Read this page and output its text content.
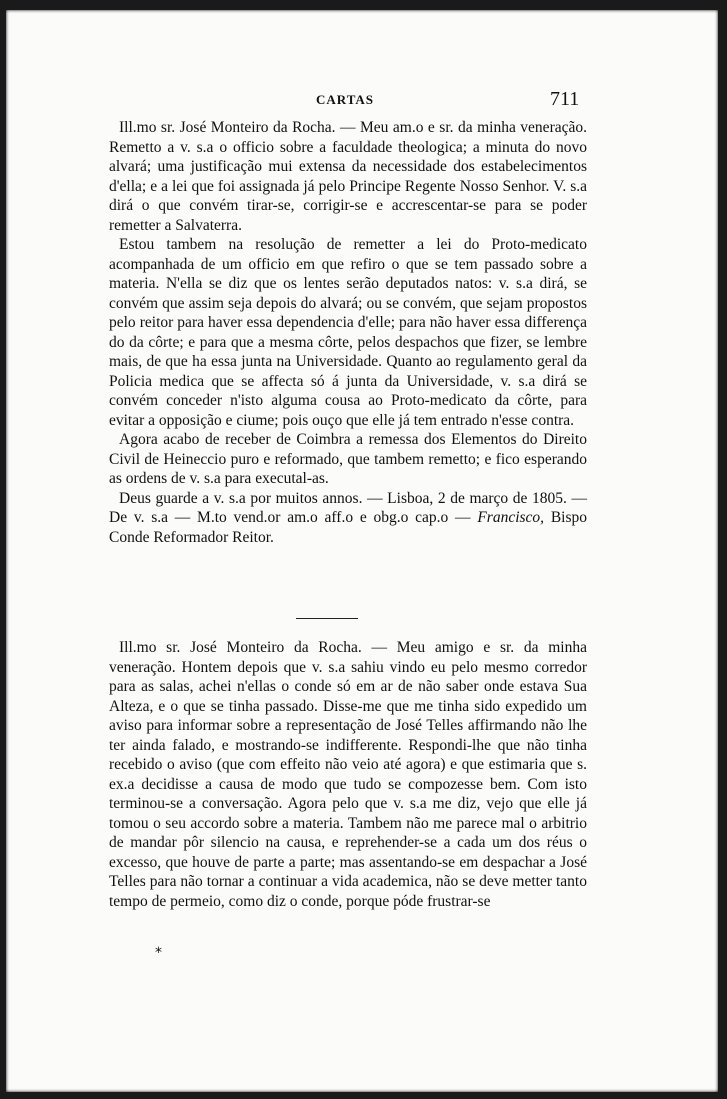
CARTAS	711

Ill.mo sr. José Monteiro da Rocha. — Meu am.o e sr. da minha veneração. Remetto a v. s.a o officio sobre a faculdade theologica; a minuta do novo alvará; uma justificação mui extensa da necessidade dos estabelecimentos d'ella; e a lei que foi assignada já pelo Principe Regente Nosso Senhor. V. s.a dirá o que convém tirar-se, corrigir-se e accrescentar-se para se poder remetter a Salvaterra.

Estou tambem na resolução de remetter a lei do Proto-medicato acompanhada de um officio em que refiro o que se tem passado sobre a materia. N'ella se diz que os lentes serão deputados natos: v. s.a dirá, se convém que assim seja depois do alvará; ou se convém, que sejam propostos pelo reitor para haver essa dependencia d'elle; para não haver essa differença do da côrte; e para que a mesma côrte, pelos despachos que fizer, se lembre mais, de que ha essa junta na Universidade. Quanto ao regulamento geral da Policia medica que se affecta só á junta da Universidade, v. s.a dirá se convém conceder n'isto alguma cousa ao Proto-medicato da côrte, para evitar a opposição e ciume; pois ouço que elle já tem entrado n'esse contra.

Agora acabo de receber de Coimbra a remessa dos Elementos do Direito Civil de Heineccio puro e reformado, que tambem remetto; e fico esperando as ordens de v. s.a para executal-as.

Deus guarde a v. s.a por muitos annos. — Lisboa, 2 de março de 1805. — De v. s.a — M.to vend.or am.o aff.o e obg.o cap.o — Francisco, Bispo Conde Reformador Reitor.

Ill.mo sr. José Monteiro da Rocha. — Meu amigo e sr. da minha veneração. Hontem depois que v. s.a sahiu vindo eu pelo mesmo corredor para as salas, achei n'ellas o conde só em ar de não saber onde estava Sua Alteza, e o que se tinha passado. Disse-me que me tinha sido expedido um aviso para informar sobre a representação de José Telles affirmando não lhe ter ainda falado, e mostrando-se indifferente. Respondi-lhe que não tinha recebido o aviso (que com effeito não veio até agora) e que estimaria que s. ex.a decidisse a causa de modo que tudo se compozesse bem. Com isto terminou-se a conversação. Agora pelo que v. s.a me diz, vejo que elle já tomou o seu accordo sobre a materia. Tambem não me parece mal o arbitrio de mandar pôr silencio na causa, e reprehender-se a cada um dos réus o excesso, que houve de parte a parte; mas assentando-se em despachar a José Telles para não tornar a continuar a vida academica, não se deve metter tanto tempo de permeio, como diz o conde, porque póde frustrar-se

*
